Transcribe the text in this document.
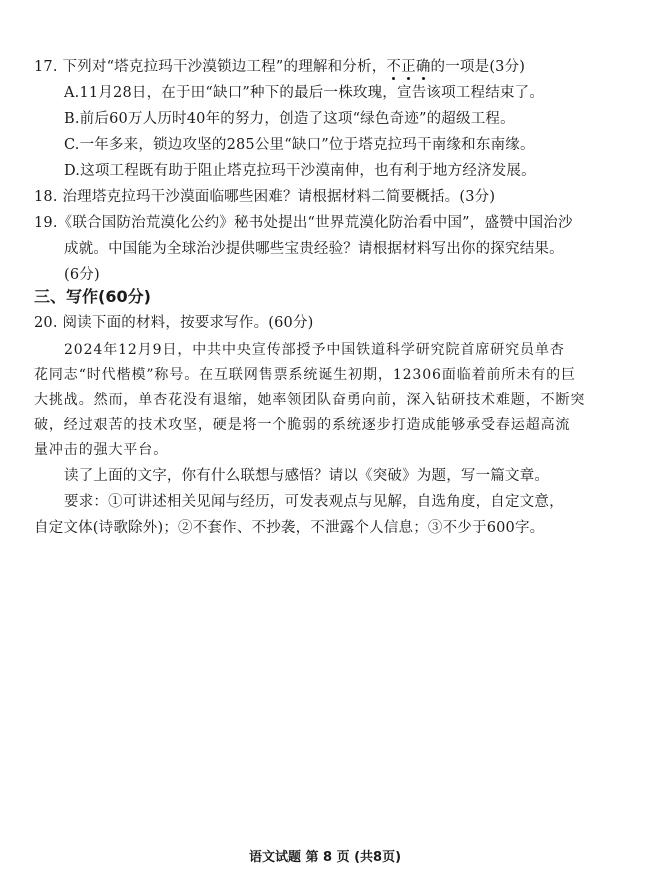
17. 下列对“塔克拉玛干沙漠锁边工程”的理解和分析，不正确的一项是(3分)
A.11月28日，在于田“缺口”种下的最后一株玫瑰，宣告该项工程结束了。
B.前后60万人历时40年的努力，创造了这项“绿色奇迹”的超级工程。
C.一年多来，锁边攻坚的285公里“缺口”位于塔克拉玛干南缘和东南缘。
D.这项工程既有助于阻止塔克拉玛干沙漠南伸，也有利于地方经济发展。
18. 治理塔克拉玛干沙漠面临哪些困难？请根据材料二简要概括。(3分)
19.《联合国防治荒漠化公约》秘书处提出“世界荒漠化防治看中国”，盛赞中国治沙
成就。中国能为全球治沙提供哪些宝贵经验？请根据材料写出你的探究结果。
(6分)
三、写作(60分)
20. 阅读下面的材料，按要求写作。(60分)
2024年12月9日，中共中央宣传部授予中国铁道科学研究院首席研究员单杏
花同志“时代楷模”称号。在互联网售票系统诞生初期，12306面临着前所未有的巨
大挑战。然而，单杏花没有退缩，她率领团队奋勇向前，深入钻研技术难题，不断突
破，经过艰苦的技术攻坚，硬是将一个脆弱的系统逐步打造成能够承受春运超高流
量冲击的强大平台。
读了上面的文字，你有什么联想与感悟？请以《突破》为题，写一篇文章。
要求：①可讲述相关见闻与经历，可发表观点与见解，自选角度，自定文意，
自定文体(诗歌除外)；②不套作、不抄袭，不泄露个人信息；③不少于600字。
语文试题 第 8 页 (共8页)
